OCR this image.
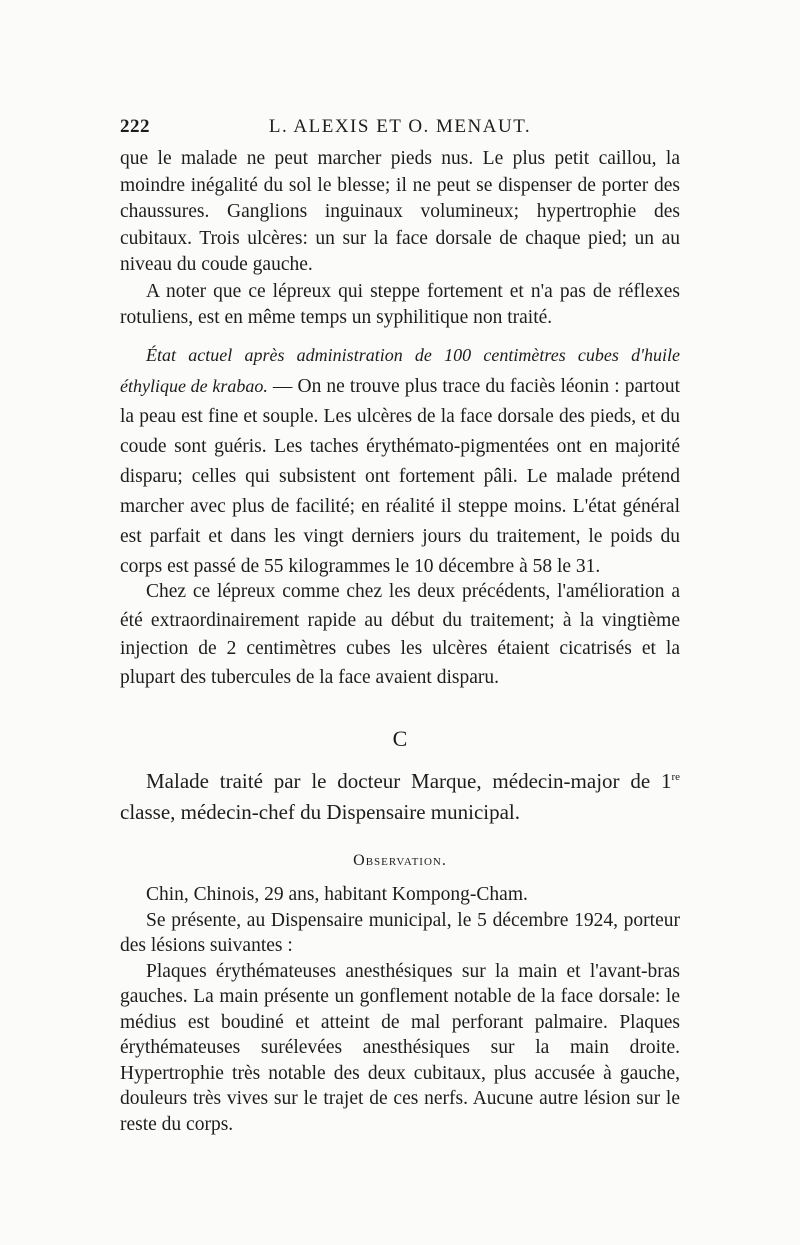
222	L. ALEXIS ET O. MENAUT.

que le malade ne peut marcher pieds nus. Le plus petit caillou, la moindre inégalité du sol le blesse; il ne peut se dispenser de porter des chaussures. Ganglions inguinaux volumineux; hypertrophie des cubitaux. Trois ulcères: un sur la face dorsale de chaque pied; un au niveau du coude gauche.

A noter que ce lépreux qui steppe fortement et n'a pas de réflexes rotuliens, est en même temps un syphilitique non traité.

État actuel après administration de 100 centimètres cubes d'huile éthylique de krabao. — On ne trouve plus trace du faciès léonin : partout la peau est fine et souple. Les ulcères de la face dorsale des pieds, et du coude sont guéris. Les taches érythémato-pigmentées ont en majorité disparu; celles qui subsistent ont fortement pâli. Le malade prétend marcher avec plus de facilité; en réalité il steppe moins. L'état général est parfait et dans les vingt derniers jours du traitement, le poids du corps est passé de 55 kilogrammes le 10 décembre à 58 le 31.

Chez ce lépreux comme chez les deux précédents, l'amélioration a été extraordinairement rapide au début du traitement; à la vingtième injection de 2 centimètres cubes les ulcères étaient cicatrisés et la plupart des tubercules de la face avaient disparu.

C

Malade traité par le docteur Marque, médecin-major de 1re classe, médecin-chef du Dispensaire municipal.

Observation.

Chin, Chinois, 29 ans, habitant Kompong-Cham.

Se présente, au Dispensaire municipal, le 5 décembre 1924, porteur des lésions suivantes :

Plaques érythémateuses anesthésiques sur la main et l'avant-bras gauches. La main présente un gonflement notable de la face dorsale: le médius est boudiné et atteint de mal perforant palmaire. Plaques érythémateuses surélevées anesthésiques sur la main droite. Hypertrophie très notable des deux cubitaux, plus accusée à gauche, douleurs très vives sur le trajet de ces nerfs. Aucune autre lésion sur le reste du corps.
